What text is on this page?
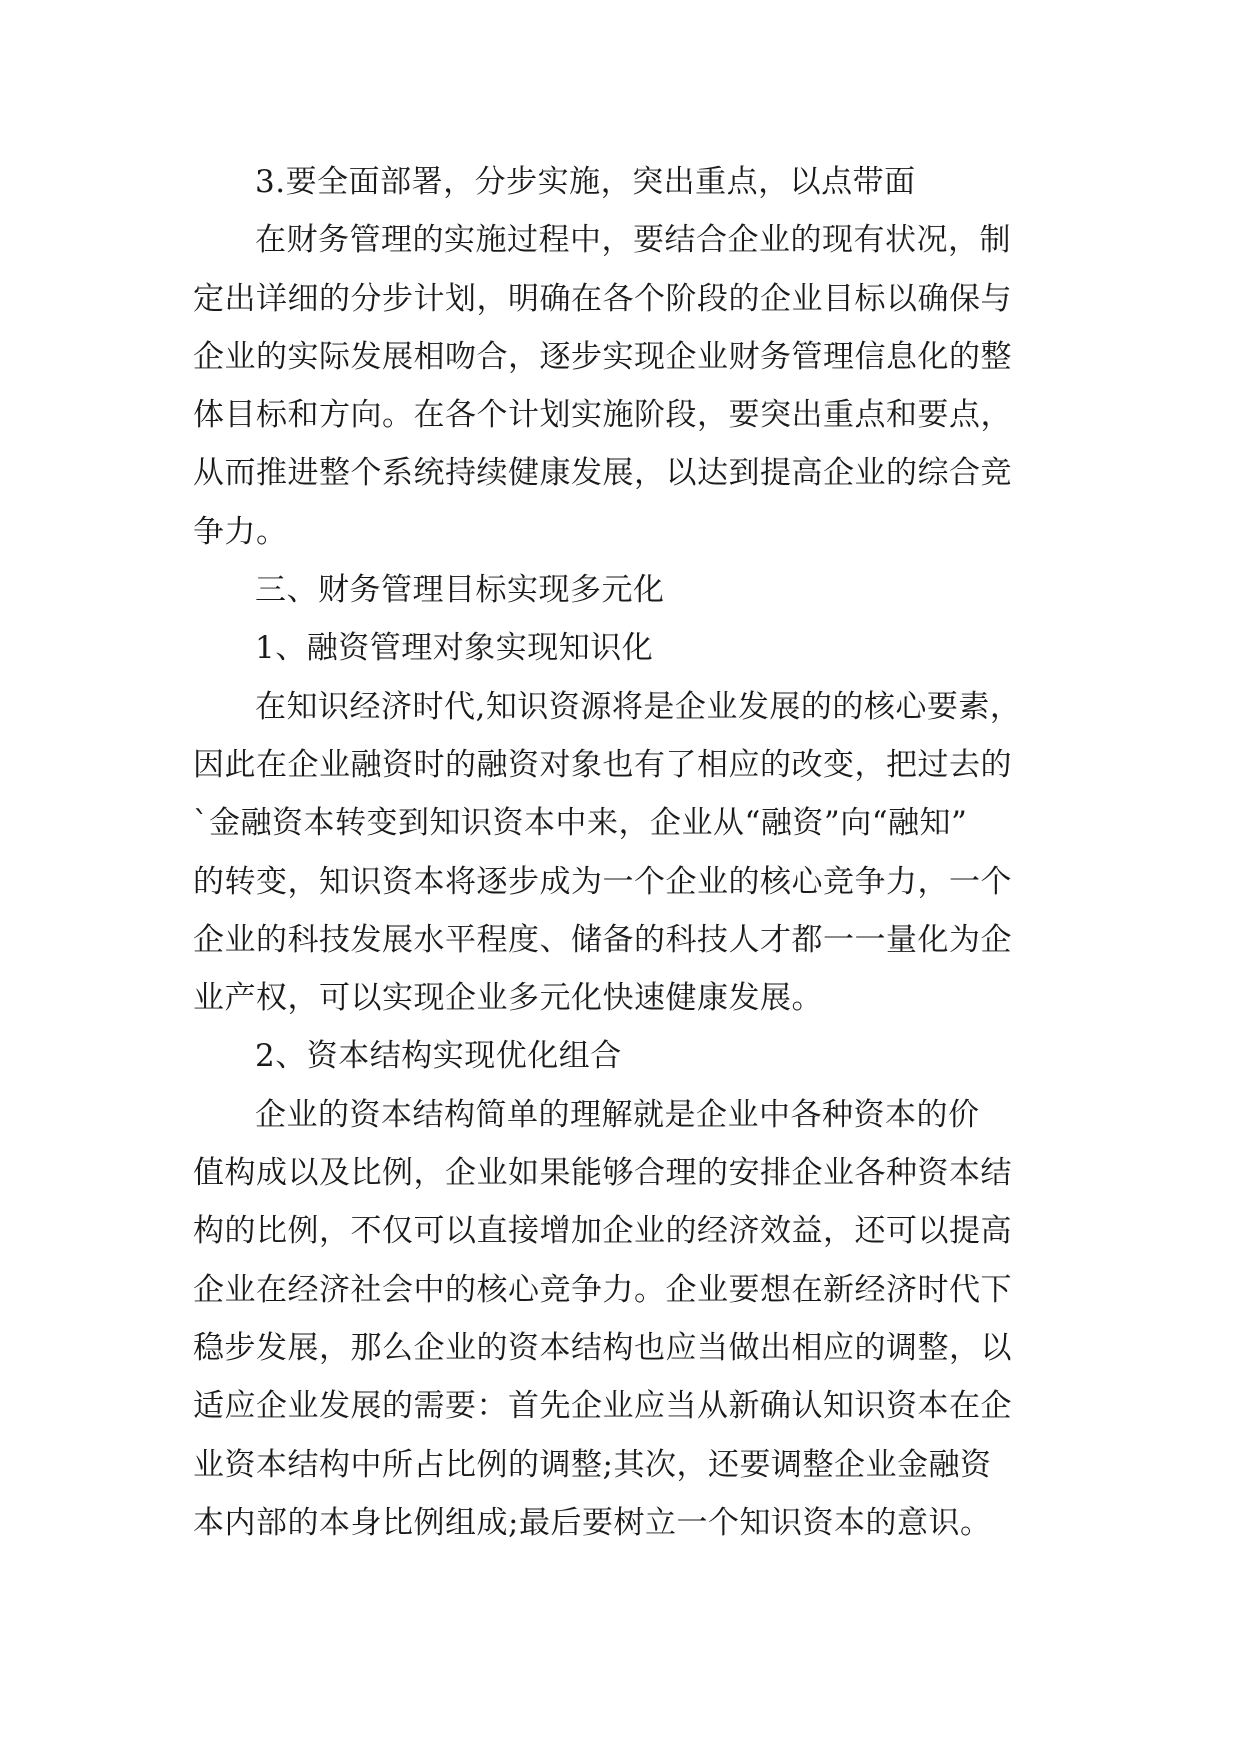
3.要全面部署，分步实施，突出重点，以点带面
在财务管理的实施过程中，要结合企业的现有状况，制
定出详细的分步计划，明确在各个阶段的企业目标以确保与
企业的实际发展相吻合，逐步实现企业财务管理信息化的整
体目标和方向。在各个计划实施阶段，要突出重点和要点，
从而推进整个系统持续健康发展，以达到提高企业的综合竞
争力。
三、财务管理目标实现多元化
1、融资管理对象实现知识化
在知识经济时代,知识资源将是企业发展的的核心要素，
因此在企业融资时的融资对象也有了相应的改变，把过去的
`金融资本转变到知识资本中来，企业从“融资”向“融知”
的转变，知识资本将逐步成为一个企业的核心竞争力，一个
企业的科技发展水平程度、储备的科技人才都一一量化为企
业产权，可以实现企业多元化快速健康发展。
2、资本结构实现优化组合
企业的资本结构简单的理解就是企业中各种资本的价
值构成以及比例，企业如果能够合理的安排企业各种资本结
构的比例，不仅可以直接增加企业的经济效益，还可以提高
企业在经济社会中的核心竞争力。企业要想在新经济时代下
稳步发展，那么企业的资本结构也应当做出相应的调整，以
适应企业发展的需要：首先企业应当从新确认知识资本在企
业资本结构中所占比例的调整;其次，还要调整企业金融资
本内部的本身比例组成;最后要树立一个知识资本的意识。
